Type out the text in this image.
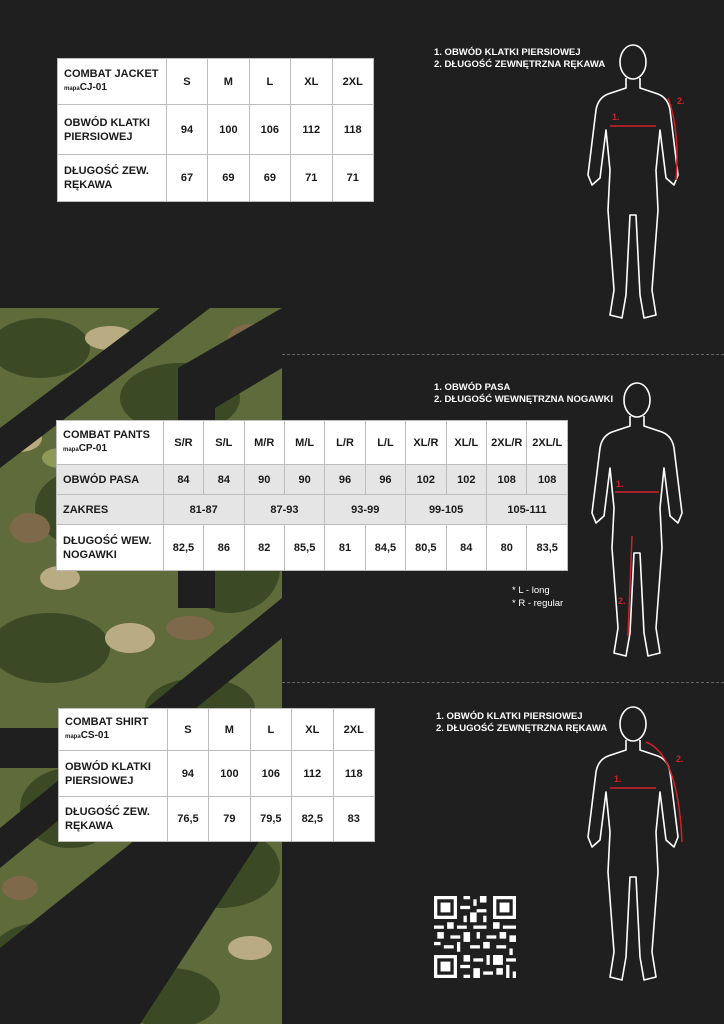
COMBAT JACKET
mapaCJ-01	S	M	L	XL	2XL
OBWÓD KLATKI
PIERSIOWEJ	94	100	106	112	118
DŁUGOŚĆ ZEW.
RĘKAWA	67	69	69	71	71
1. OBWÓD KLATKI PIERSIOWEJ
2. DŁUGOŚĆ ZEWNĘTRZNA RĘKAWA
1.
2.
COMBAT PANTS
mapaCP-01	S/R	S/L	M/R	M/L	L/R	L/L	XL/R	XL/L	2XL/R	2XL/L
OBWÓD PASA	84	84	90	90	96	96	102	102	108	108
ZAKRES	81-87		87-93		93-99		99-105		105-111	
DŁUGOŚĆ WEW.
NOGAWKI	82,5	86	82	85,5	81	84,5	80,5	84	80	83,5
1. OBWÓD PASA
2. DŁUGOŚĆ WEWNĘTRZNA NOGAWKI
* L - long
* R - regular
1.
2.
COMBAT SHIRT
mapaCS-01	S	M	L	XL	2XL
OBWÓD KLATKI
PIERSIOWEJ	94	100	106	112	118
DŁUGOŚĆ ZEW.
RĘKAWA	76,5	79	79,5	82,5	83
1. OBWÓD KLATKI PIERSIOWEJ
2. DŁUGOŚĆ ZEWNĘTRZNA RĘKAWA
1.
2.
